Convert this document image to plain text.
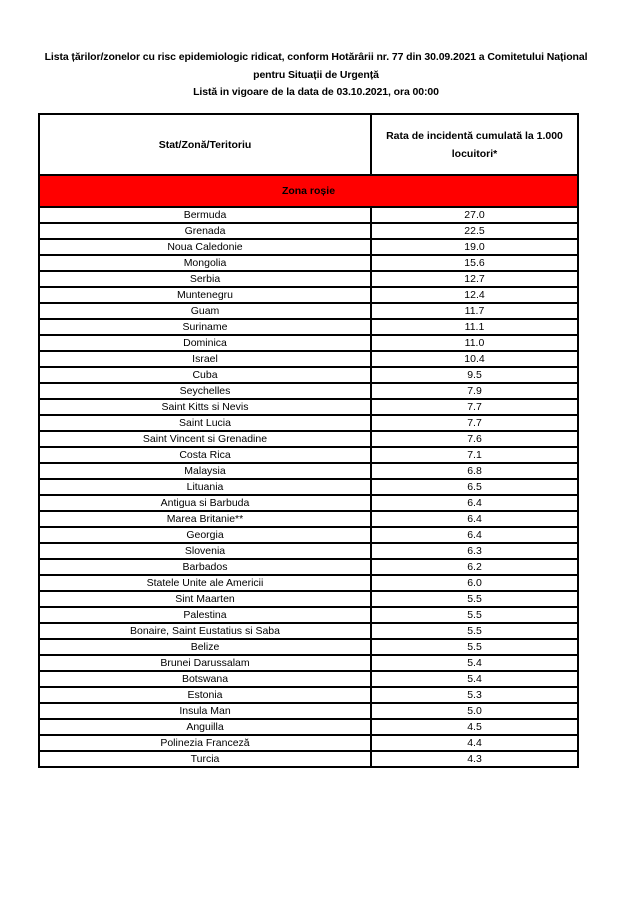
Lista țărilor/zonelor cu risc epidemiologic ridicat, conform Hotărârii nr. 77 din 30.09.2021 a Comitetului Național
pentru Situații de Urgență
Listă in vigoare de la data de 03.10.2021, ora 00:00
Stat/Zonă/Teritoriu	Rata de incidentă cumulată la 1.000 locuitori*
Zona roșie	
Bermuda	27.0
Grenada	22.5
Noua Caledonie	19.0
Mongolia	15.6
Serbia	12.7
Muntenegru	12.4
Guam	11.7
Suriname	11.1
Dominica	11.0
Israel	10.4
Cuba	9.5
Seychelles	7.9
Saint Kitts si Nevis	7.7
Saint Lucia	7.7
Saint Vincent si Grenadine	7.6
Costa Rica	7.1
Malaysia	6.8
Lituania	6.5
Antigua si Barbuda	6.4
Marea Britanie**	6.4
Georgia	6.4
Slovenia	6.3
Barbados	6.2
Statele Unite ale Americii	6.0
Sint Maarten	5.5
Palestina	5.5
Bonaire, Saint Eustatius si Saba	5.5
Belize	5.5
Brunei Darussalam	5.4
Botswana	5.4
Estonia	5.3
Insula Man	5.0
Anguilla	4.5
Polinezia Franceză	4.4
Turcia	4.3
